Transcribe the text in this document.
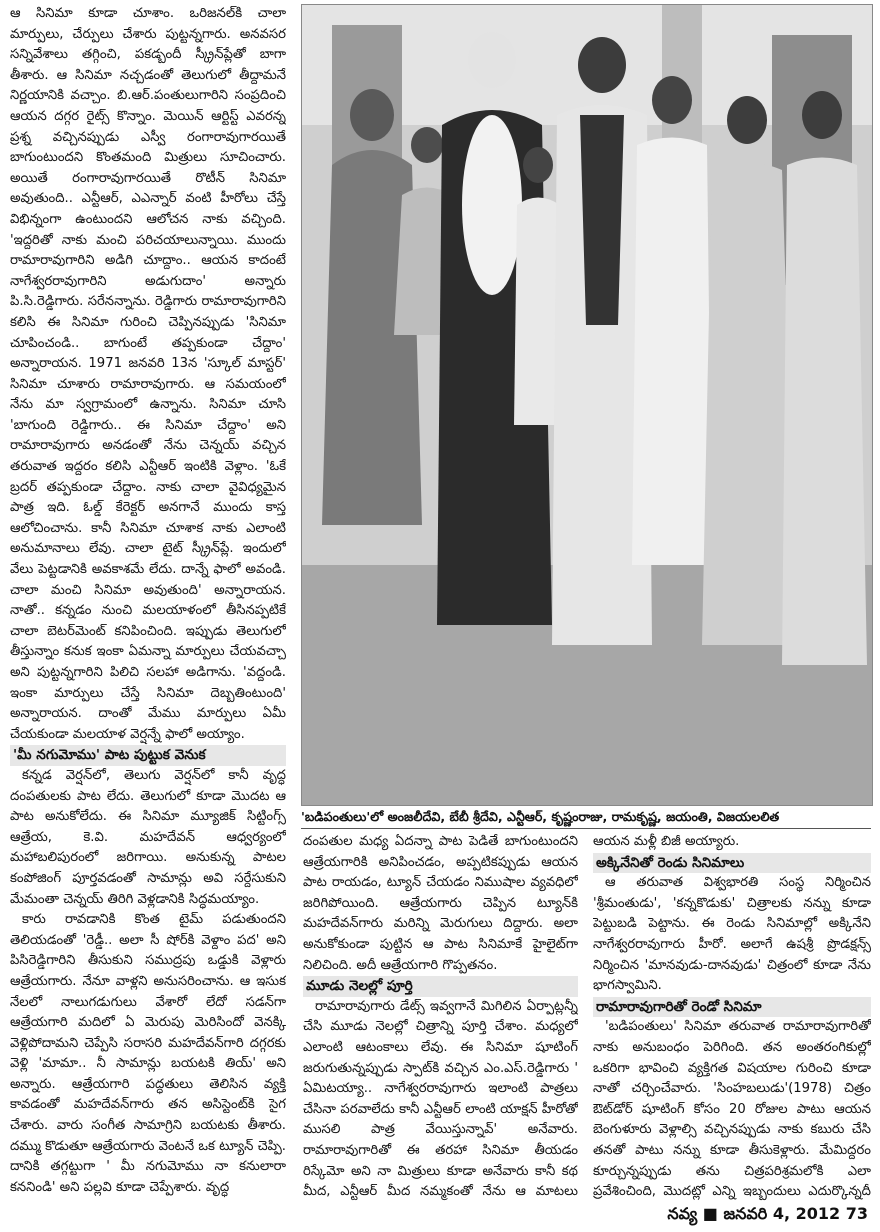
ఆ సినిమా కూడా చూశాం. ఒరిజనల్‌కి చాలా మార్పులు, చేర్పులు చేశారు పుట్టన్నగారు. అనవసర సన్నివేశాలు తగ్గించి, పకడ్బందీ స్క్రీన్‌ప్లేతో బాగా తీశారు. ఆ సినిమా నచ్చడంతో తెలుగులో తీద్దామనే నిర్ణయానికి వచ్చాం. బి.ఆర్.పంతులుగారిని సంప్రదించి ఆయన దగ్గర రైట్స్ కొన్నాం. మెయిన్ ఆర్టిస్ట్ ఎవరన్న ప్రశ్న వచ్చినప్పుడు ఎస్వీ రంగారావుగారయితే బాగుంటుందని కొంతమంది మిత్రులు సూచించారు. అయితే రంగారావుగారయితే రొటీన్ సినిమా అవుతుంది.. ఎన్టీఆర్, ఎఎన్నార్ వంటి హీరోలు చేస్తే విభిన్నంగా ఉంటుందని ఆలోచన నాకు వచ్చింది. 'ఇద్దరితో నాకు మంచి పరిచయాలున్నాయి. ముందు రామారావుగారిని అడిగి చూద్దాం.. ఆయన కాదంటే నాగేశ్వరరావుగారిని అడుగుదాం' అన్నారు పి.సి.రెడ్డిగారు. సరేనన్నాను. రెడ్డిగారు రామారావుగారిని కలిసి ఈ సినిమా గురించి చెప్పినప్పుడు 'సినిమా చూపించండి.. బాగుంటే తప్పకుండా చేద్దాం' అన్నారాయన. 1971 జనవరి 13న 'స్కూల్ మాస్టర్' సినిమా చూశారు రామారావుగారు. ఆ సమయంలో నేను మా స్వగ్రామంలో ఉన్నాను. సినిమా చూసి 'బాగుంది రెడ్డిగారు.. ఈ సినిమా చేద్దాం' అని రామారావుగారు అనడంతో నేను చెన్నయ్ వచ్చిన తరువాత ఇద్దరం కలిసి ఎన్టీఆర్ ఇంటికి వెళ్లాం. 'ఓకే బ్రదర్ తప్పకుండా చేద్దాం. నాకు చాలా వైవిధ్యమైన పాత్ర ఇది. ఓల్డ్ కేరెక్టర్ అనగానే ముందు కాస్త ఆలోచించాను. కానీ సినిమా చూశాక నాకు ఎలాంటి అనుమానాలు లేవు. చాలా టైట్ స్క్రీన్‌ప్లే. ఇందులో వేలు పెట్టడానికి అవకాశమే లేదు. దాన్నే ఫాలో అవండి. చాలా మంచి సినిమా అవుతుంది' అన్నారాయన. నాతో.. కన్నడం నుంచి మలయాళంలో తీసినప్పటికే చాలా బెటర్‌మెంట్ కనిపించింది. ఇప్పుడు తెలుగులో తీస్తున్నాం కనుక ఇంకా ఏమన్నా మార్పులు చేయవచ్చా అని పుట్టన్నగారిని పిలిచి సలహా అడిగాను. 'వద్దండి. ఇంకా మార్పులు చేస్తే సినిమా దెబ్బతింటుంది' అన్నారాయన. దాంతో మేము మార్పులు ఏమీ చేయకుండా మలయాళ వెర్షన్నే ఫాలో అయ్యాం.

'మీ నగుమోము' పాట పుట్టుక వెనుక

కన్నడ వెర్షన్‌లో, తెలుగు వెర్షన్‌లో కానీ వృద్ధ దంపతులకు పాట లేదు. తెలుగులో కూడా మొదట ఆ పాట అనుకోలేదు. ఈ సినిమా మ్యూజిక్ సిట్టింగ్స్ ఆత్రేయ, కె.వి. మహదేవన్ ఆధ్వర్యంలో మహాబలిపురంలో జరిగాయి. అనుకున్న పాటల కంపోజింగ్ పూర్తవడంతో సామాన్లు అవి సర్దేసుకుని మేమంతా చెన్నయ్ తిరిగి వెళ్లడానికి సిద్ధమయ్యాం.

కారు రావడానికి కొంత టైమ్ పడుతుందని తెలియడంతో 'రెడ్డీ.. అలా సీ షోర్‌కి వెళ్దాం పద' అని పిసిరెడ్డిగారిని తీసుకుని సముద్రపు ఒడ్డుకి వెళ్లారు ఆత్రేయగారు. నేనూ వాళ్లని అనుసరించాను. ఆ ఇసుక నేలలో నాలుగడుగులు వేశారో లేదో సడన్‌గా ఆత్రేయగారి మదిలో ఏ మెరుపు మెరిసిందో వెనక్కి వెళ్లిపోదామని చెప్పేసి సరాసరి మహదేవన్‌గారి దగ్గరకు వెళ్లి 'మామా.. నీ సామాన్లు బయటకి తియ్' అని అన్నారు. ఆత్రేయగారి పద్ధతులు తెలిసిన వ్యక్తి కావడంతో మహదేవన్‌గారు తన అసిస్టెంట్‌కి సైగ చేశారు. వారు సంగీత సామాగ్రిని బయటకు తీశారు. దమ్ము కొడుతూ ఆత్రేయగారు వెంటనే ఒక ట్యూన్ చెప్పి. దానికి తగ్గట్టుగా ' మీ నగుమోము నా కనులారా కననిండి' అని పల్లవి కూడా చెప్పేశారు. వృద్ధ

'బడిపంతులు'లో అంజలీదేవి, బేబీ శ్రీదేవి, ఎన్టీఆర్, కృష్ణంరాజు, రామకృష్ణ, జయంతి, విజయలలిత

దంపతుల మధ్య ఏదన్నా పాట పెడితే బాగుంటుందని ఆత్రేయగారికి అనిపించడం, అప్పటికప్పుడు ఆయన పాట రాయడం, ట్యూన్ చేయడం నిముషాల వ్యవధిలో జరిగిపోయింది. ఆత్రేయగారు చెప్పిన ట్యూన్‌కి మహదేవన్‌గారు మరిన్ని మెరుగులు దిద్దారు. అలా అనుకోకుండా పుట్టిన ఆ పాట సినిమాకే హైలైట్‌గా నిలిచింది. అదీ ఆత్రేయగారి గొప్పతనం.

మూడు నెలల్లో పూర్తి

రామారావుగారు డేట్స్ ఇవ్వగానే మిగిలిన ఏర్పాట్లన్నీ చేసి మూడు నెలల్లో చిత్రాన్ని పూర్తి చేశాం. మధ్యలో ఎలాంటి ఆటంకాలు లేవు. ఈ సినిమా షూటింగ్ జరుగుతున్నప్పుడు స్పాట్‌కి వచ్చిన ఎం.ఎస్.రెడ్డిగారు ' ఏమిటయ్యా.. నాగేశ్వరరావుగారు ఇలాంటి పాత్రలు చేసినా పరవాలేదు కానీ ఎన్టీఆర్ లాంటి యాక్షన్ హీరోతో ముసలి పాత్ర వేయిస్తున్నావ్' అనేవారు. రామారావుగారితో ఈ తరహా సినిమా తీయడం రిస్కేమో అని నా మిత్రులు కూడా అనేవారు కానీ కథ మీద, ఎన్టీఆర్ మీద నమ్మకంతో నేను ఆ మాటలు

ఆయన మళ్లీ బిజీ అయ్యారు.

అక్కినేనితో రెండు సినిమాలు

ఆ తరువాత విశ్వభారతి సంస్థ నిర్మించిన 'శ్రీమంతుడు', 'కన్నకొడుకు' చిత్రాలకు నన్ను కూడా పెట్టుబడి పెట్టాను. ఈ రెండు సినిమాల్లో అక్కినేని నాగేశ్వరరావుగారు హీరో. అలాగే ఉషశ్రీ ప్రొడక్షన్స్ నిర్మించిన 'మానవుడు-దానవుడు' చిత్రంలో కూడా నేను భాగస్వామిని.

రామారావుగారితో రెండో సినిమా

'బడిపంతులు' సినిమా తరువాత రామారావుగారితో నాకు అనుబంధం పెరిగింది. తన అంతరంగికుల్లో ఒకరిగా భావించి వ్యక్తిగత విషయాల గురించి కూడా నాతో చర్చించేవారు. 'సింహబలుడు'(1978) చిత్రం ఔట్‌డోర్ షూటింగ్ కోసం 20 రోజుల పాటు ఆయన బెంగుళూరు వెళ్లాల్సి వచ్చినప్పుడు నాకు కబురు చేసి తనతో పాటు నన్ను కూడా తీసుకెళ్లారు. మేమిద్దరం కూర్చున్నప్పుడు తను చిత్రపరిశ్రమలోకి ఎలా ప్రవేశించింది, మొదట్లో ఎన్ని ఇబ్బందులు ఎదుర్కొన్నదీ

నవ్య ■ జనవరి 4, 2012 73
